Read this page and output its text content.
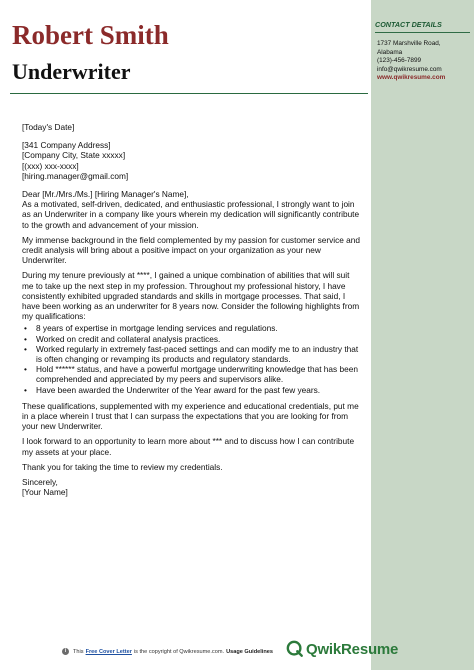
CONTACT DETAILS
1737 Marshville Road,
Alabama
(123)-456-7899
info@qwikresume.com
www.qwikresume.com
Robert Smith
Underwriter

[Today's Date]

[341 Company Address]

[Company City, State xxxxx]

[(xxx) xxx-xxxx]

[hiring.manager@gmail.com]

Dear [Mr./Mrs./Ms.] [Hiring Manager's Name],

As a motivated, self-driven, dedicated, and enthusiastic professional, I strongly want to join as an Underwriter in a company like yours wherein my dedication will significantly contribute to the growth and advancement of your mission.

My immense background in the field complemented by my passion for customer service and credit analysis will bring about a positive impact on your organization as your new Underwriter.

During my tenure previously at ****, I gained a unique combination of abilities that will suit me to take up the next step in my profession. Throughout my professional history, I have consistently exhibited upgraded standards and skills in mortgage processes. That said, I have been working as an underwriter for 8 years now. Consider the following highlights from my qualifications:

• 8 years of expertise in mortgage lending services and regulations.
• Worked on credit and collateral analysis practices.
• Worked regularly in extremely fast-paced settings and can modify me to an industry that is often changing or revamping its products and regulatory standards.
• Hold ****** status, and have a powerful mortgage underwriting knowledge that has been comprehended and appreciated by my peers and supervisors alike.
• Have been awarded the Underwriter of the Year award for the past few years.

These qualifications, supplemented with my experience and educational credentials, put me in a place wherein I trust that I can surpass the expectations that you are looking for from your new Underwriter.

I look forward to an opportunity to learn more about *** and to discuss how I can contribute my assets at your place.

Thank you for taking the time to review my credentials.

Sincerely,

[Your Name]

i	This Free Cover Letter is the copyright of Qwikresume.com. Usage Guidelines QwikResume
